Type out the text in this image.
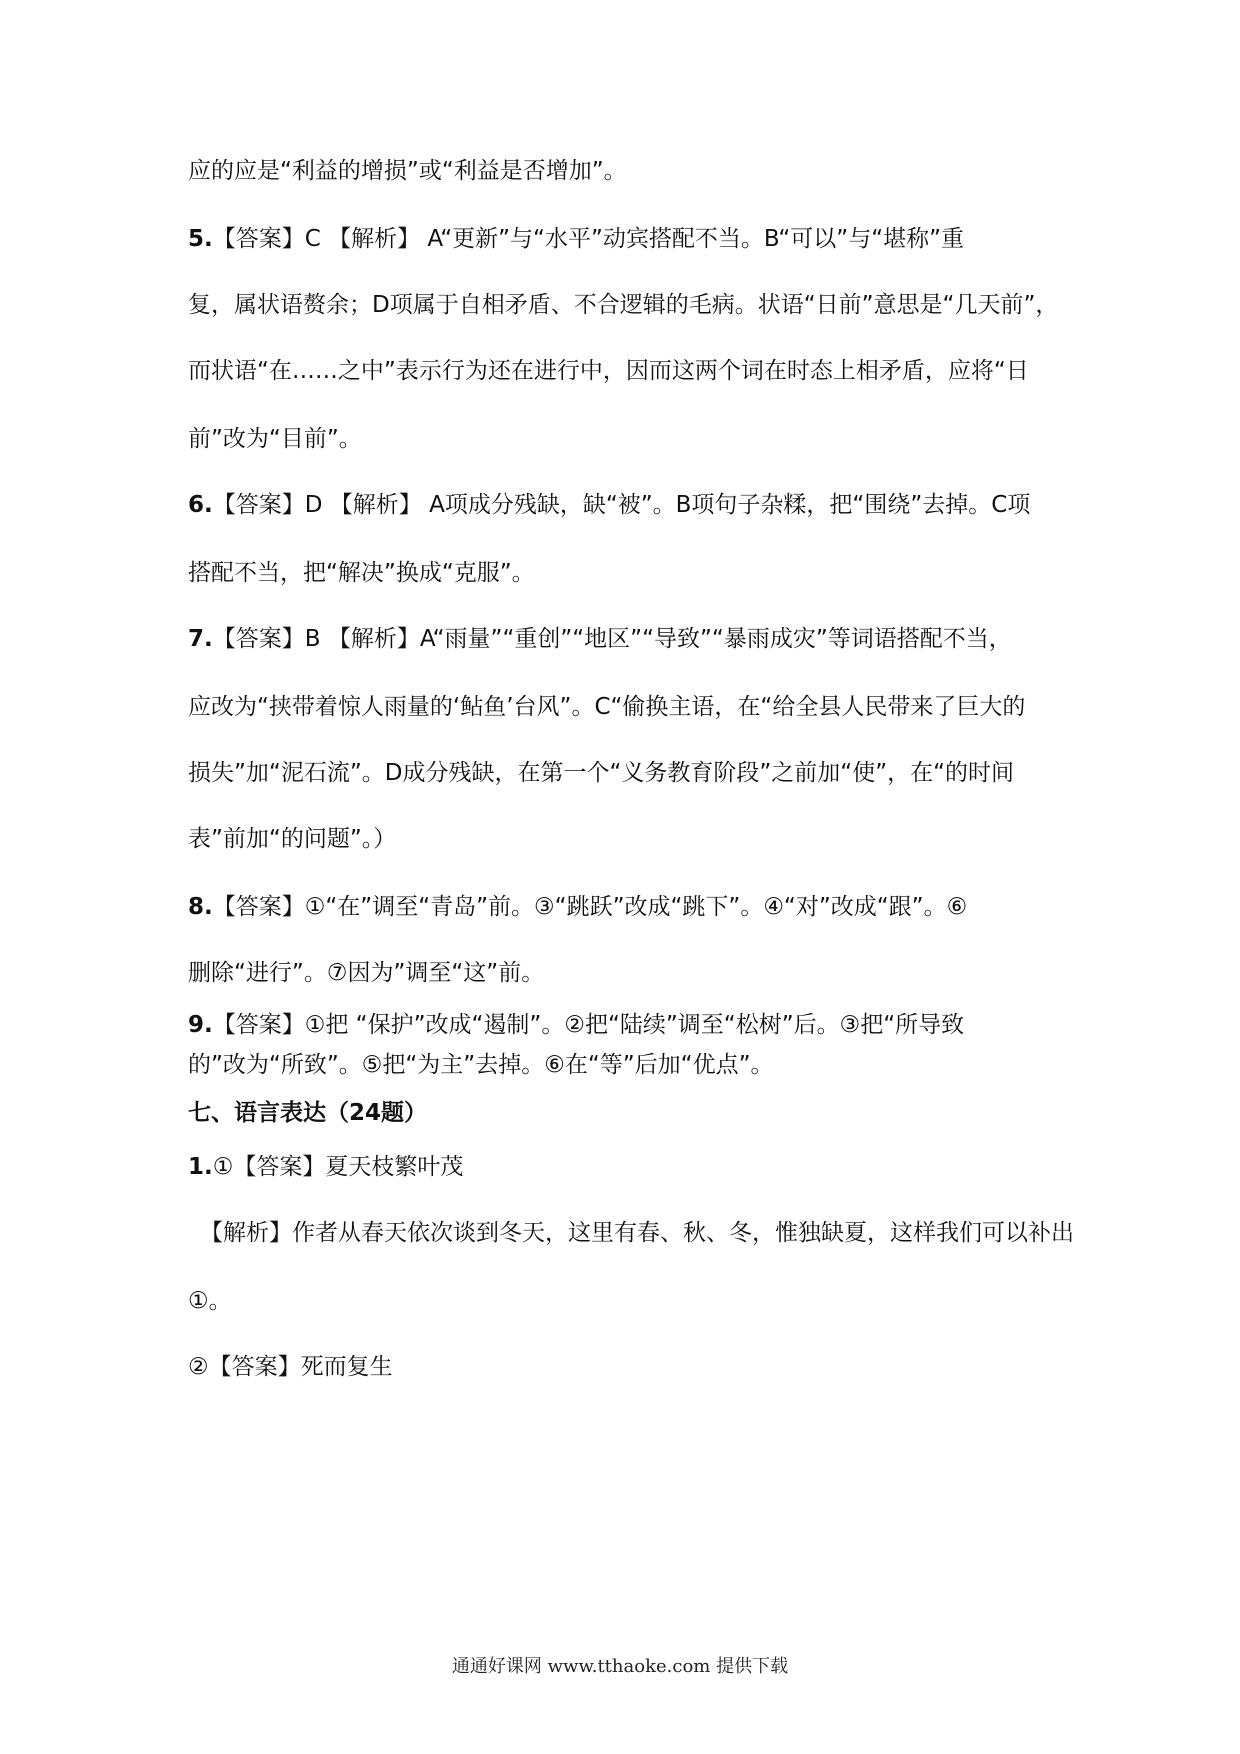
应的应是“利益的增损”或“利益是否增加”。
5.【答案】C 【解析】 A“更新”与“水平”动宾搭配不当。B“可以”与“堪称”重
复，属状语赘余；D项属于自相矛盾、不合逻辑的毛病。状语“日前”意思是“几天前”，
而状语“在……之中”表示行为还在进行中，因而这两个词在时态上相矛盾，应将“日
前”改为“目前”。
6.【答案】D 【解析】 A项成分残缺，缺“被”。B项句子杂糅，把“围绕”去掉。C项
搭配不当，把“解决”换成“克服”。
7.【答案】B 【解析】A“雨量”“重创”“地区”“导致”“暴雨成灾”等词语搭配不当，
应改为“挟带着惊人雨量的‘鲇鱼’台风”。C“偷换主语，在“给全县人民带来了巨大的
损失”加“泥石流”。D成分残缺，在第一个“义务教育阶段”之前加“使”，在“的时间
表”前加“的问题”。）
8.【答案】①“在”调至“青岛”前。③“跳跃”改成“跳下”。④“对”改成“跟”。⑥
删除“进行”。⑦因为”调至“这”前。
9.【答案】①把 “保护”改成“遏制”。②把“陆续”调至“松树”后。③把“所导致
的”改为“所致”。⑤把“为主”去掉。⑥在“等”后加“优点”。
七、语言表达（24题）
1.①【答案】夏天枝繁叶茂
【解析】作者从春天依次谈到冬天，这里有春、秋、冬，惟独缺夏，这样我们可以补出
①。
②【答案】死而复生
通通好课网 www.tthaoke.com 提供下载
